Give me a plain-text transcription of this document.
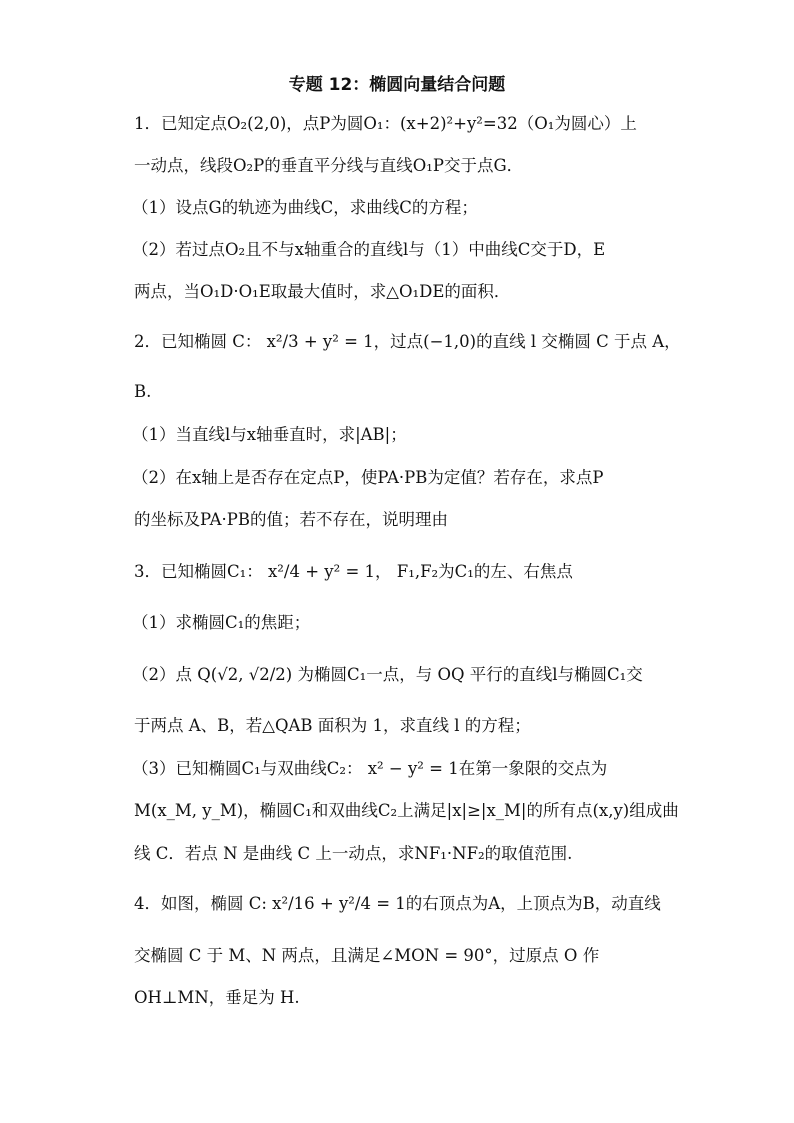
专题 12：椭圆向量结合问题
1．已知定点O₂(2,0)，点P为圆O₁：(x+2)²+y²=32（O₁为圆心）上
一动点，线段O₂P的垂直平分线与直线O₁P交于点G．
（1）设点G的轨迹为曲线C，求曲线C的方程；
（2）若过点O₂且不与x轴重合的直线l与（1）中曲线C交于D，E
两点，当O₁D·O₁E取最大值时，求△O₁DE的面积．
2．已知椭圆 C： x²/3 + y² = 1，过点(−1,0)的直线 l 交椭圆 C 于点 A，
B.
（1）当直线l与x轴垂直时，求|AB|；
（2）在x轴上是否存在定点P，使PA·PB为定值？若存在，求点P
的坐标及PA·PB的值；若不存在，说明理由
3．已知椭圆C₁： x²/4 + y² = 1， F₁,F₂为C₁的左、右焦点
（1）求椭圆C₁的焦距；
（2）点 Q(√2, √2/2) 为椭圆C₁一点，与 OQ 平行的直线l与椭圆C₁交
于两点 A、B，若△QAB 面积为 1，求直线 l 的方程；
（3）已知椭圆C₁与双曲线C₂： x² − y² = 1在第一象限的交点为
M(x_M, y_M)，椭圆C₁和双曲线C₂上满足|x|≥|x_M|的所有点(x,y)组成曲
线 C．若点 N 是曲线 C 上一动点，求NF₁·NF₂的取值范围.
4．如图，椭圆 C: x²/16 + y²/4 = 1的右顶点为A，上顶点为B，动直线
交椭圆 C 于 M、N 两点，且满足∠MON = 90°，过原点 O 作
OH⊥MN，垂足为 H.
